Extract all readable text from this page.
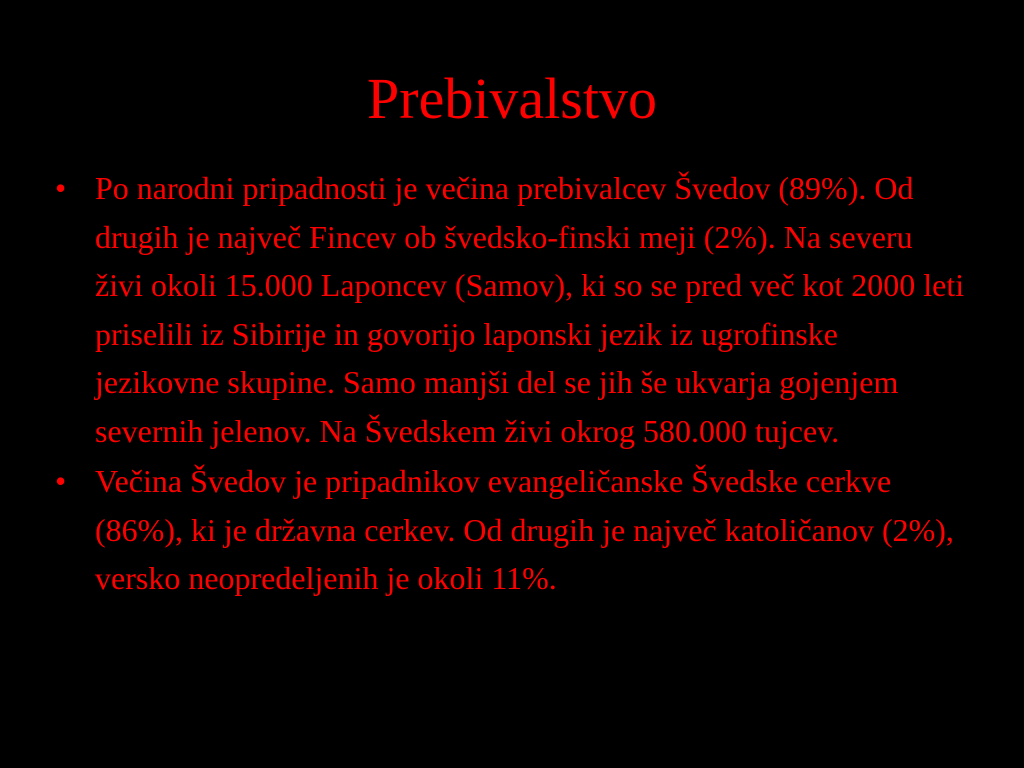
Prebivalstvo
• Po narodni pripadnosti je večina prebivalcev Švedov (89%). Od drugih je največ Fincev ob švedsko-finski meji (2%). Na severu živi okoli 15.000 Laponcev (Samov), ki so se pred več kot 2000 leti priselili iz Sibirije in govorijo laponski jezik iz ugrofinske jezikovne skupine. Samo manjši del se jih še ukvarja gojenjem severnih jelenov. Na Švedskem živi okrog 580.000 tujcev.
• Večina Švedov je pripadnikov evangeličanske Švedske cerkve (86%), ki je državna cerkev. Od drugih je največ katoličanov (2%), versko neopredeljenih je okoli 11%.
